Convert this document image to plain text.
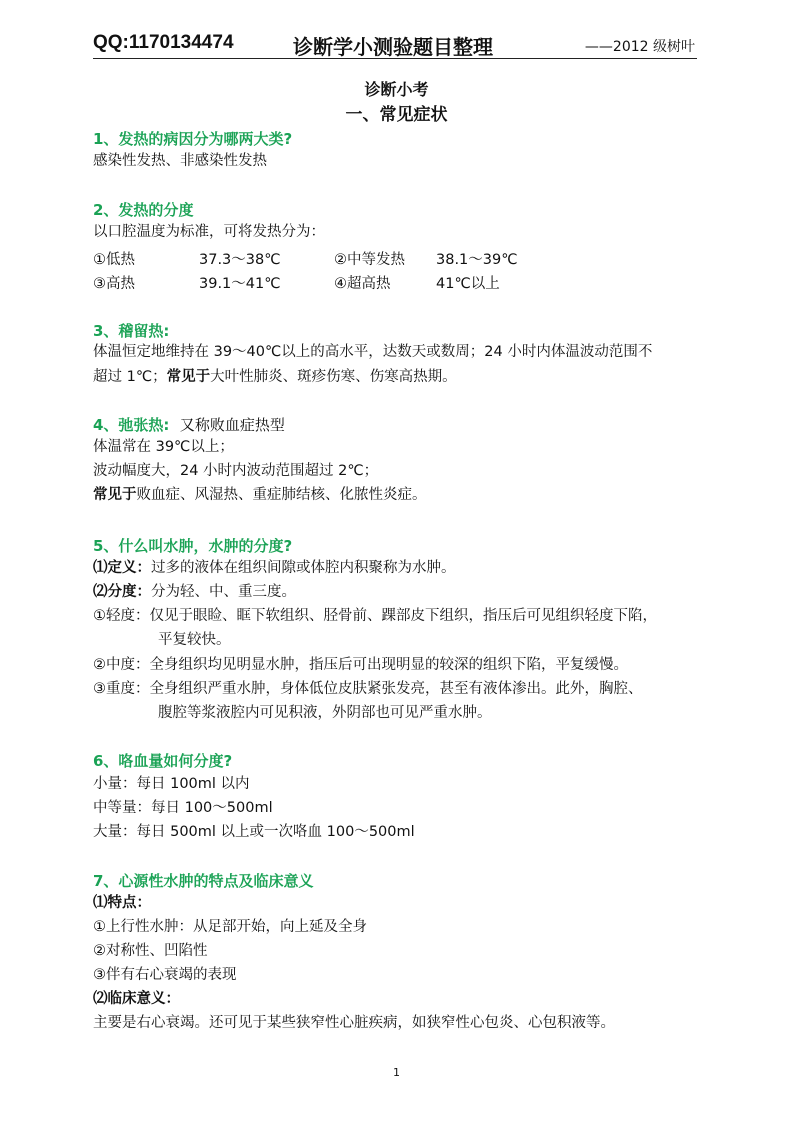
QQ:1170134474	诊断学小测验题目整理	——2012 级树叶
诊断小考
一、常见症状
1、发热的病因分为哪两大类?
感染性发热、非感染性发热
2、发热的分度
以口腔温度为标准，可将发热分为：
①低热	37.3～38℃	②中等发热 38.1～39℃
③高热	39.1～41℃	④超高热	41℃以上
3、稽留热:
体温恒定地维持在 39～40℃以上的高水平，达数天或数周；24 小时内体温波动范围不
超过 1℃；常见于大叶性肺炎、斑疹伤寒、伤寒高热期。
4、弛张热: 又称败血症热型
体温常在 39℃以上；
波动幅度大，24 小时内波动范围超过 2℃；
常见于败血症、风湿热、重症肺结核、化脓性炎症。
5、什么叫水肿，水肿的分度?
⑴定义：过多的液体在组织间隙或体腔内积聚称为水肿。
⑵分度：分为轻、中、重三度。
①轻度：仅见于眼睑、眶下软组织、胫骨前、踝部皮下组织，指压后可见组织轻度下陷，
平复较快。
②中度：全身组织均见明显水肿，指压后可出现明显的较深的组织下陷，平复缓慢。
③重度：全身组织严重水肿，身体低位皮肤紧张发亮，甚至有液体渗出。此外，胸腔、
腹腔等浆液腔内可见积液，外阴部也可见严重水肿。
6、咯血量如何分度?
小量：每日 100ml 以内
中等量：每日 100～500ml
大量：每日 500ml 以上或一次咯血 100～500ml
7、心源性水肿的特点及临床意义
⑴特点：
①上行性水肿：从足部开始，向上延及全身
②对称性、凹陷性
③伴有右心衰竭的表现
⑵临床意义：
主要是右心衰竭。还可见于某些狭窄性心脏疾病，如狭窄性心包炎、心包积液等。
1
